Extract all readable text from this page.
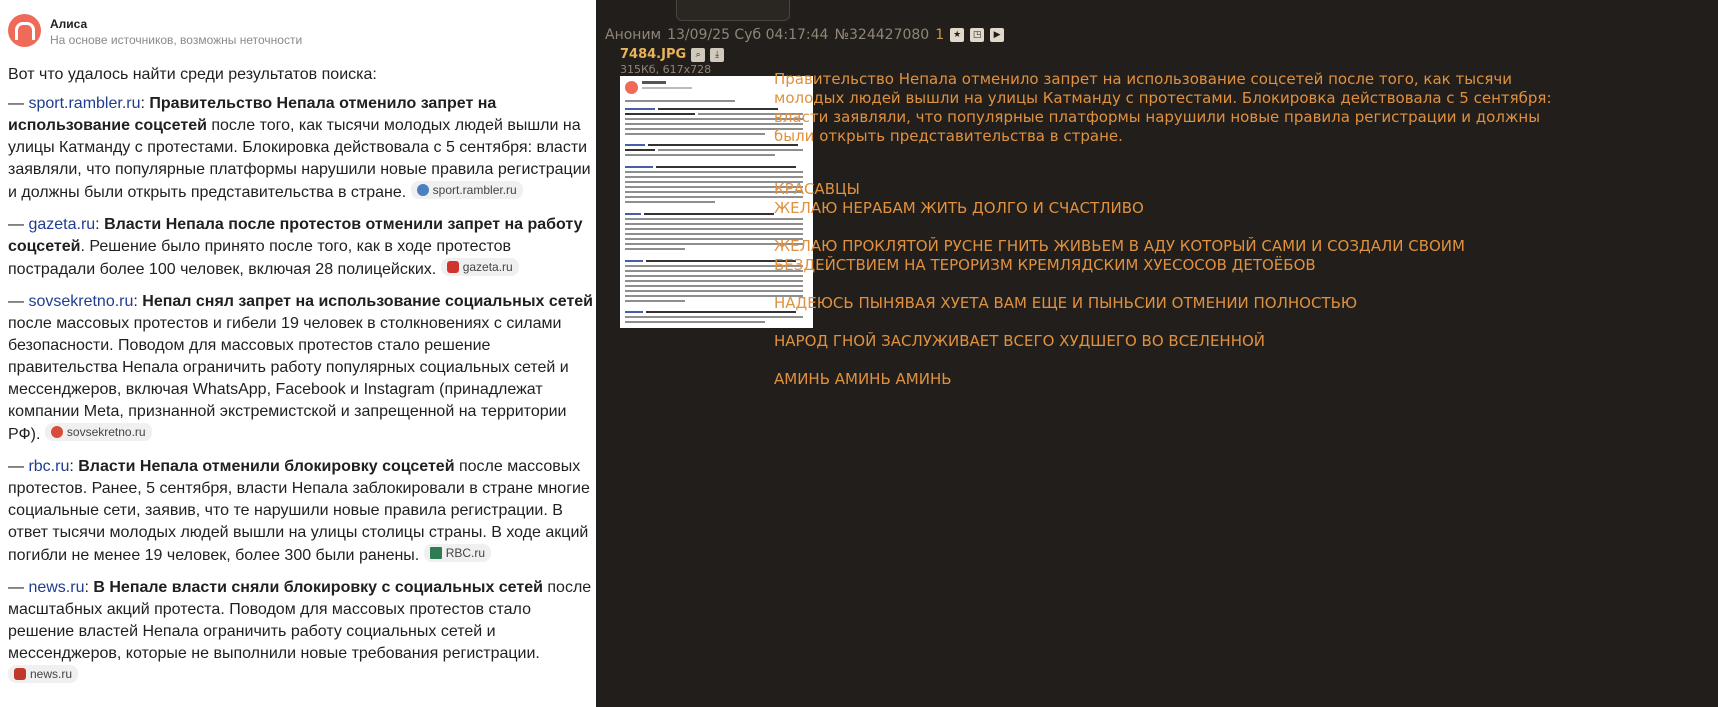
Алиса
На основе источников, возможны неточности
Вот что удалось найти среди результатов поиска:
— sport.rambler.ru: Правительство Непала отменило запрет на использование соцсетей после того, как тысячи молодых людей вышли на улицы Катманду с протестами. Блокировка действовала с 5 сентября: власти заявляли, что популярные платформы нарушили новые правила регистрации и должны были открыть представительства в стране. sport.rambler.ru
— gazeta.ru: Власти Непала после протестов отменили запрет на работу соцсетей. Решение было принято после того, как в ходе протестов пострадали более 100 человек, включая 28 полицейских. gazeta.ru
— sovsekretno.ru: Непал снял запрет на использование социальных сетей после массовых протестов и гибели 19 человек в столкновениях с силами безопасности. Поводом для массовых протестов стало решение правительства Непала ограничить работу популярных социальных сетей и мессенджеров, включая WhatsApp, Facebook и Instagram (принадлежат компании Meta, признанной экстремистской и запрещенной на территории РФ). sovsekretno.ru
— rbc.ru: Власти Непала отменили блокировку соцсетей после массовых протестов. Ранее, 5 сентября, власти Непала заблокировали в стране многие социальные сети, заявив, что те нарушили новые правила регистрации. В ответ тысячи молодых людей вышли на улицы столицы страны. В ходе акций погибли не менее 19 человек, более 300 были ранены. RBC.ru
— news.ru: В Непале власти сняли блокировку с социальных сетей после масштабных акций протеста. Поводом для массовых протестов стало решение властей Непала ограничить работу социальных сетей и мессенджеров, которые не выполнили новые требования регистрации.
news.ru
Аноним 13/09/25 Суб 04:17:44 №324427080 1 ★	◳	▶
7484.JPG	⌕	⤓
315Кб, 617x728

Правительство Непала отменило запрет на использование соцсетей после того, как тысячи молодых людей вышли на улицы Катманду с протестами. Блокировка действовала с 5 сентября: власти заявляли, что популярные платформы нарушили новые правила регистрации и должны были открыть представительства в стране.

КРАСАВЦЫ

ЖЕЛАЮ НЕРАБАМ ЖИТЬ ДОЛГО И СЧАСТЛИВО

ЖЕЛАЮ ПРОКЛЯТОЙ РУСНЕ ГНИТЬ ЖИВЬЕМ В АДУ КОТОРЫЙ САМИ И СОЗДАЛИ СВОИМ БЕЗДЕЙСТВИЕМ НА ТЕРОРИЗМ КРЕМЛЯДСКИМ ХУЕСОСОВ ДЕТОЁБОВ

НАДЕЮСЬ ПЫНЯВАЯ ХУЕТА ВАМ ЕЩЕ И ПЫНЬСИИ ОТМЕНИИ ПОЛНОСТЬЮ

НАРОД ГНОЙ ЗАСЛУЖИВАЕТ ВСЕГО ХУДШЕГО ВО ВСЕЛЕННОЙ

АМИНЬ АМИНЬ АМИНЬ
